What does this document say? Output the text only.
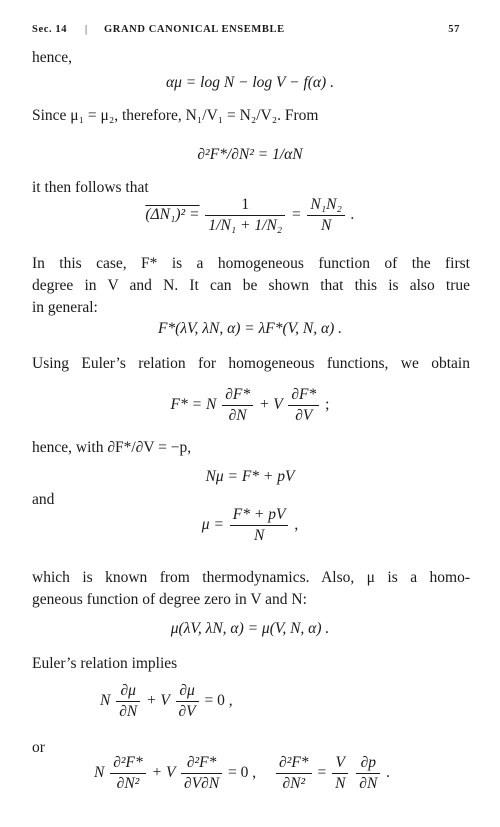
Sec. 14 | GRAND CANONICAL ENSEMBLE	57
hence,
αμ = log N − log V − f(α) .
Since μ₁ = μ₂, therefore, N₁/V₁ = N₂/V₂. From
∂²F*/∂N² = 1/αN
it then follows that
$(\Delta N_1)^2 = \frac{1}{\text{1/N₁ + 1/N₂}} = \frac{\text{N₁N₂}}{N}$ .
In this case, F* is a homogeneous function of the first
degree in V and N. It can be shown that this is also true
in general:
F*(λV, λN, α) = λF*(V, N, α) .
Using Euler’s relation for homogeneous functions, we obtain
F* = N $\frac{\partial F*}{\partial N} + V \frac{\partial F*}{\partial V}$ ;
hence, with ∂F*/∂V = −p,
Nμ = F* + pV
and
$\mu = \frac{F* + pV}{N}$ ,
which is known from thermodynamics. Also, μ is a homo-
geneous function of degree zero in V and N:
μ(λV, λN, α) = μ(V, N, α) .
Euler’s relation implies
N $\frac{\partial\mu}{\partial N} + V \frac{\partial\mu}{\partial V} = 0$ ,
or
N $\frac{\text{∂²F*}}{\text{∂N²}} + V \frac{\text{∂²F*}}{\partial V\partial N} = 0$ , $\frac{\text{∂²F*}}{\text{∂N²}} = \frac{V}{N}$
$\frac{\partial p}{\partial N}$ .
